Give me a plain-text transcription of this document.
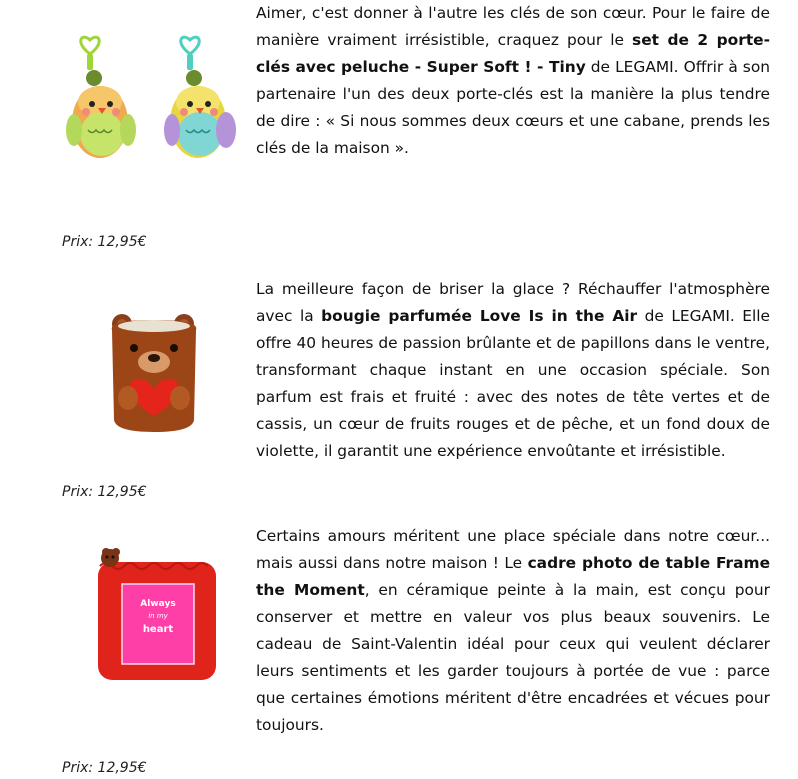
Aimer, c'est donner à l'autre les clés de son cœur. Pour le faire de manière vraiment irrésistible, craquez pour le set de 2 porte-clés avec peluche - Super Soft ! - Tiny de LEGAMI. Offrir à son partenaire l'un des deux porte-clés est la manière la plus tendre de dire : « Si nous sommes deux cœurs et une cabane, prends les clés de la maison ».

Prix: 12,95€

La meilleure façon de briser la glace ? Réchauffer l'atmosphère avec la bougie parfumée Love Is in the Air de LEGAMI. Elle offre 40 heures de passion brûlante et de papillons dans le ventre, transformant chaque instant en une occasion spéciale. Son parfum est frais et fruité : avec des notes de tête vertes et de cassis, un cœur de fruits rouges et de pêche, et un fond doux de violette, il garantit une expérience envoûtante et irrésistible.

Prix: 12,95€
Always
in my
heart

Certains amours méritent une place spéciale dans notre cœur... mais aussi dans notre maison ! Le cadre photo de table Frame the Moment, en céramique peinte à la main, est conçu pour conserver et mettre en valeur vos plus beaux souvenirs. Le cadeau de Saint-Valentin idéal pour ceux qui veulent déclarer leurs sentiments et les garder toujours à portée de vue : parce que certaines émotions méritent d'être encadrées et vécues pour toujours.

Prix: 12,95€
